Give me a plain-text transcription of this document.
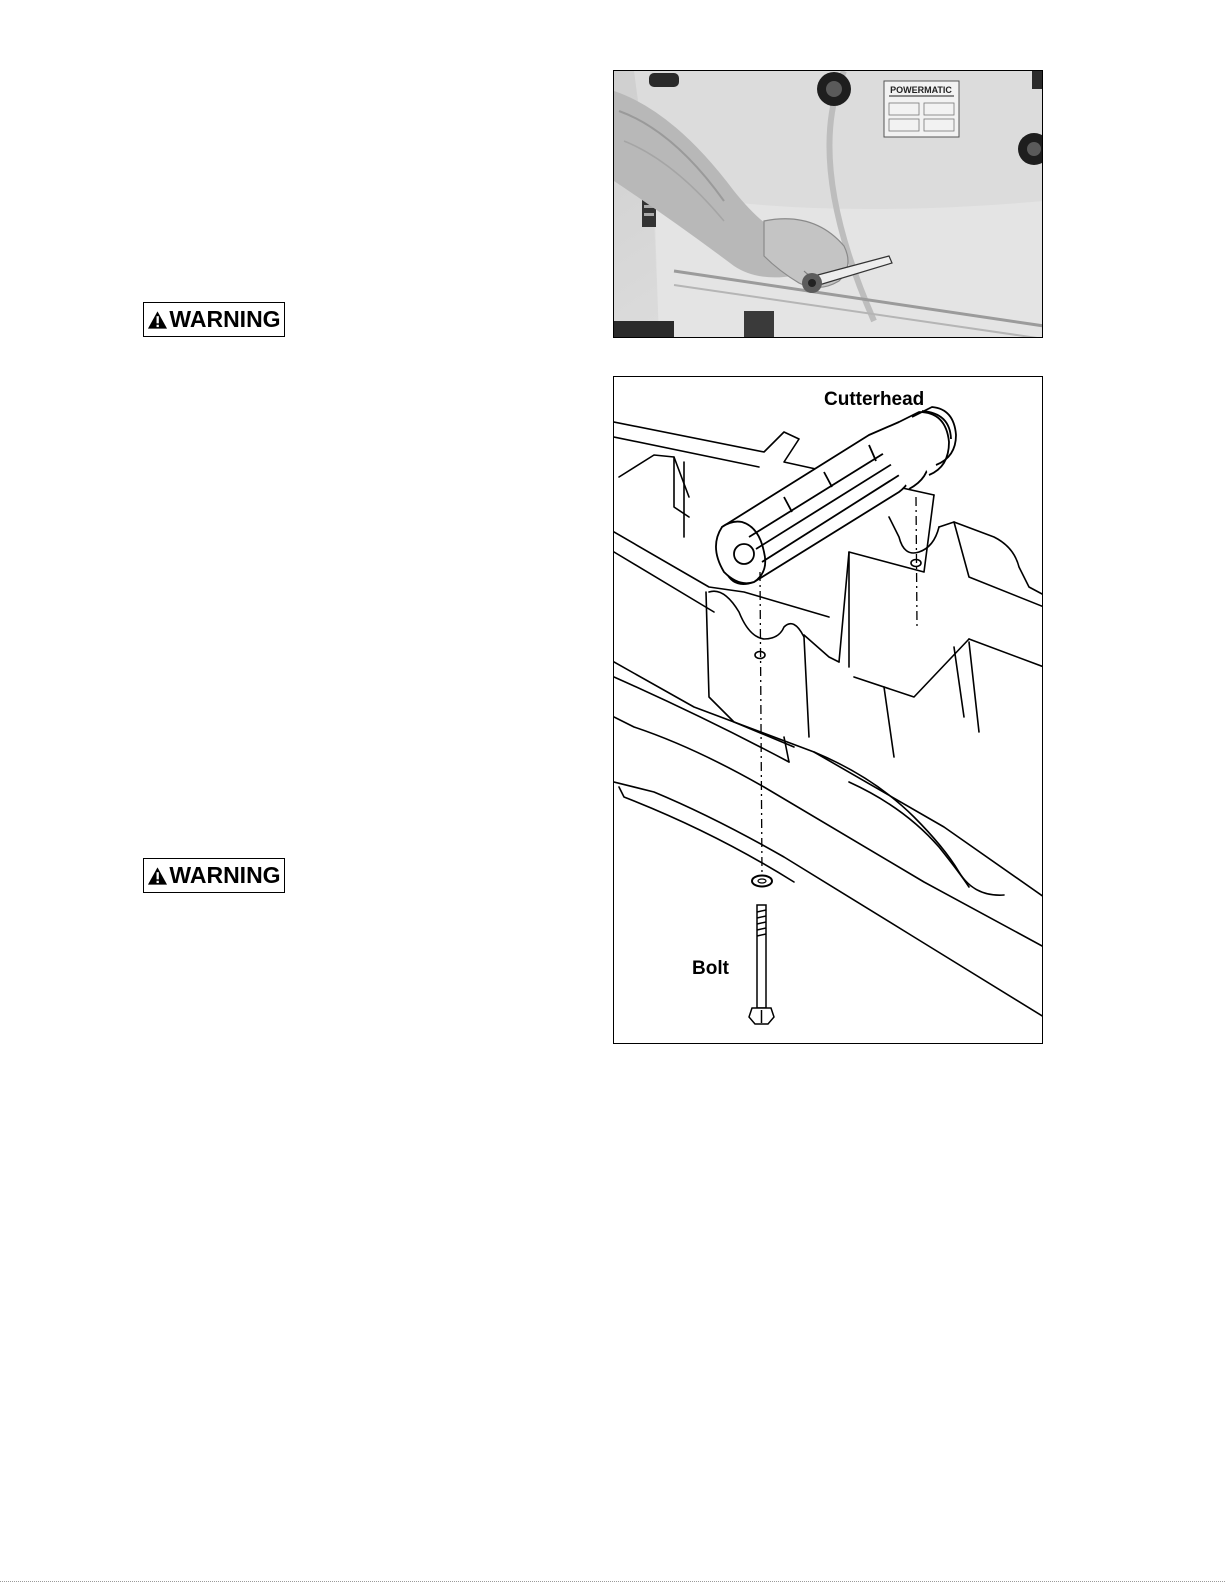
WARNING
WARNING
POWERMATIC
Cutterhead
Bolt
